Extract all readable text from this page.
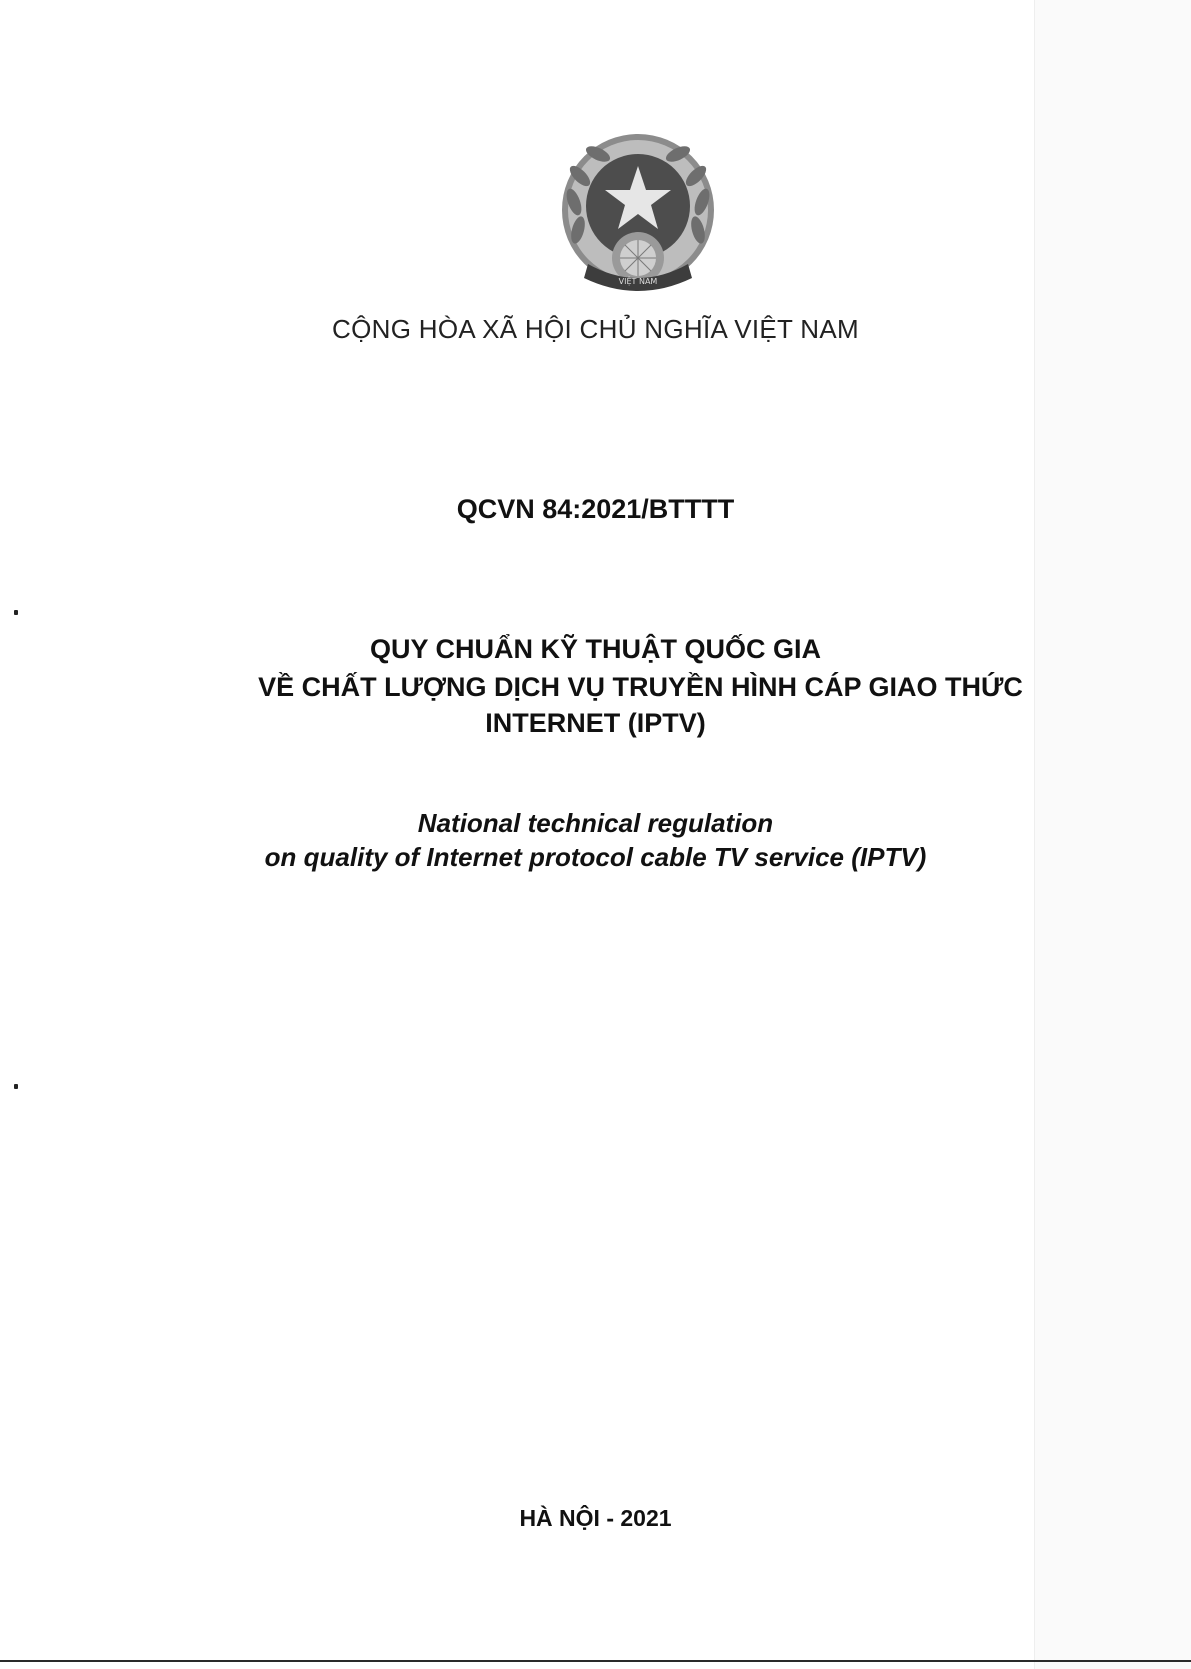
VIỆT NAM
CỘNG HÒA XÃ HỘI CHỦ NGHĨA VIỆT NAM
QCVN 84:2021/BTTTT
QUY CHUẨN KỸ THUẬT QUỐC GIA
VỀ CHẤT LƯỢNG DỊCH VỤ TRUYỀN HÌNH CÁP GIAO THỨC
INTERNET (IPTV)
National technical regulation
on quality of Internet protocol cable TV service (IPTV)
HÀ NỘI - 2021
